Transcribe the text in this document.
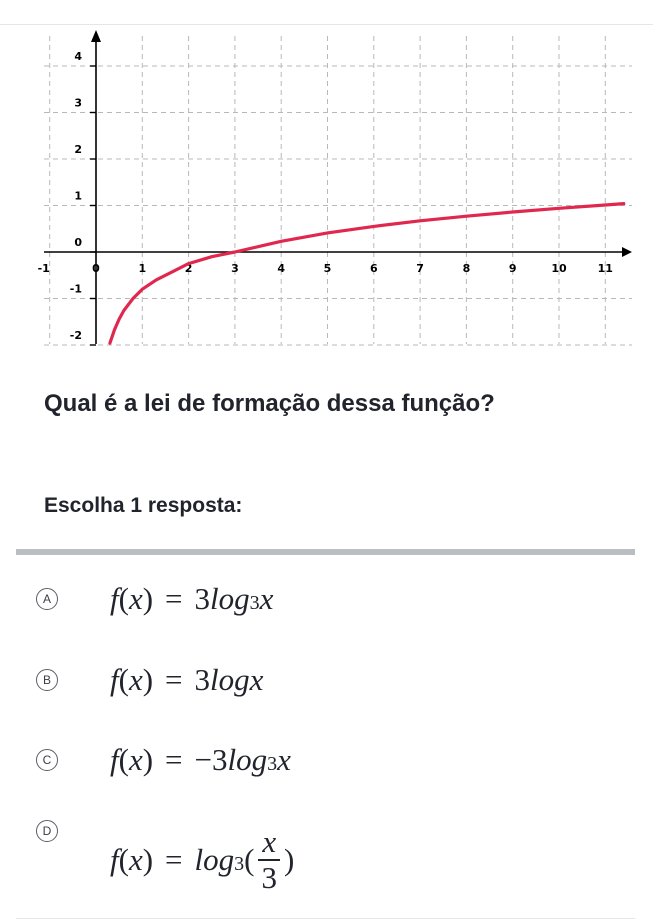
-1	0	1	2	3	4	5	6	7	8	9	10	11
-2
-1
0
1
2
3
4
Qual é a lei de formação dessa função?
Escolha 1 resposta:
A f ( x ) = 3 $\log_3 x$
B f ( x ) = 3 log x
C f ( x ) = −3 $\log_3 x$
D
f ( x ) = $\log_3$ ( $\frac{x}{3}$ )
